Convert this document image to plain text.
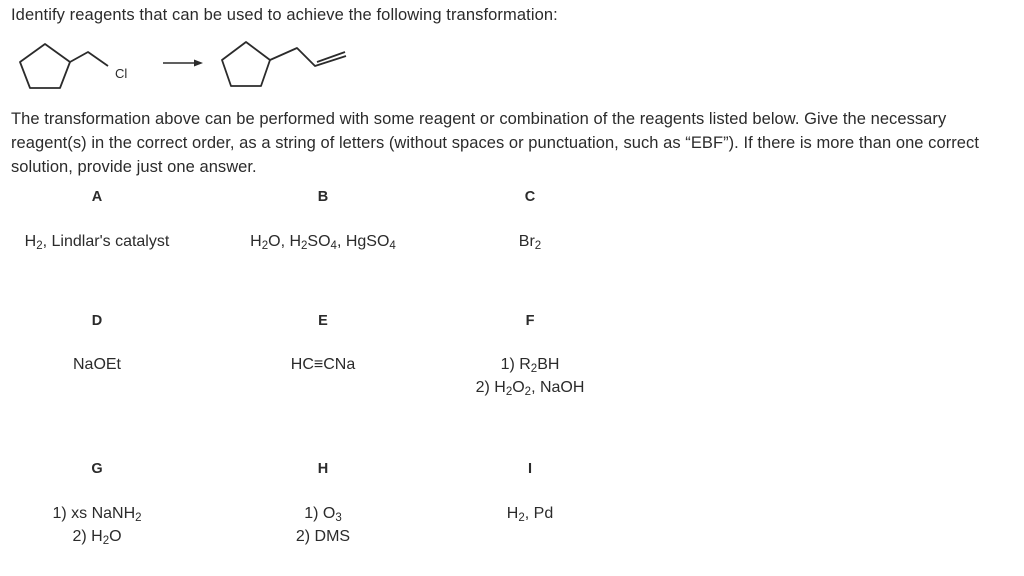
Identify reagents that can be used to achieve the following transformation:
Cl
The transformation above can be performed with some reagent or combination of the reagents listed below. Give the necessary reagent(s) in the correct order, as a string of letters (without spaces or punctuation, such as “EBF”). If there is more than one correct solution, provide just one answer.
A
$H_2$, Lindlar's catalyst
B
$H_2O$, $H_2SO_4$, HgSO$_4$
C
$Br_2$
D
NaOEt
E
HC≡CNa
F
1) $R_2BH$
2) $H_2O_2$, NaOH
G
1) xs NaNH$_2$
2) $H_2O$
H
1) $O_3$
2) DMS
I
$H_2$, Pd
